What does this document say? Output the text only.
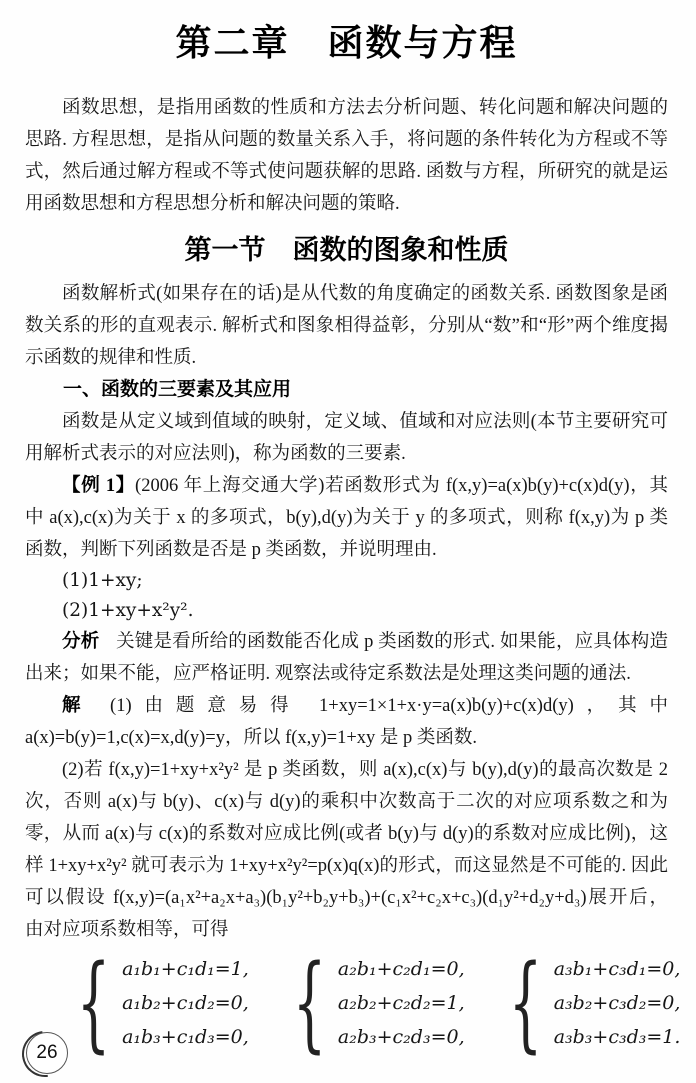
第二章　函数与方程

函数思想，是指用函数的性质和方法去分析问题、转化问题和解决问题的思路. 方程思想，是指从问题的数量关系入手，将问题的条件转化为方程或不等式，然后通过解方程或不等式使问题获解的思路. 函数与方程，所研究的就是运用函数思想和方程思想分析和解决问题的策略.

第一节　函数的图象和性质

函数解析式(如果存在的话)是从代数的角度确定的函数关系. 函数图象是函数关系的形的直观表示. 解析式和图象相得益彰，分别从“数”和“形”两个维度揭示函数的规律和性质.

一、函数的三要素及其应用

函数是从定义域到值域的映射，定义域、值域和对应法则(本节主要研究可用解析式表示的对应法则)，称为函数的三要素.

【例 1】(2006 年上海交通大学)若函数形式为 f(x,y)=a(x)b(y)+c(x)d(y)，其中 a(x),c(x)为关于 x 的多项式，b(y),d(y)为关于 y 的多项式，则称 f(x,y)为 p 类函数，判断下列函数是否是 p 类函数，并说明理由.

(1)1+xy;

(2)1+xy+x²y².

分析 关键是看所给的函数能否化成 p 类函数的形式. 如果能，应具体构造出来；如果不能，应严格证明. 观察法或待定系数法是处理这类问题的通法.

解 (1)由题意易得 1+xy=1×1+x·y=a(x)b(y)+c(x)d(y)，其中 a(x)=b(y)=1,c(x)=x,d(y)=y，所以 f(x,y)=1+xy 是 p 类函数.

(2)若 f(x,y)=1+xy+x²y² 是 p 类函数，则 a(x),c(x)与 b(y),d(y)的最高次数是 2 次，否则 a(x)与 b(y)、c(x)与 d(y)的乘积中次数高于二次的对应项系数之和为零，从而 a(x)与 c(x)的系数对应成比例(或者 b(y)与 d(y)的系数对应成比例)，这样 1+xy+x²y² 就可表示为 1+xy+x²y²=p(x)q(x)的形式，而这显然是不可能的. 因此可以假设 f(x,y)=(a₁x²+a₂x+a₃)(b₁y²+b₂y+b₃)+(c₁x²+c₂x+c₃)(d₁y²+d₂y+d₃)展开后，由对应项系数相等，可得

{ a₁b₁+c₁d₁=1,
a₁b₂+c₁d₂=0,
a₁b₃+c₁d₃=0, { a₂b₁+c₂d₁=0,
a₂b₂+c₂d₂=1,
a₂b₃+c₂d₃=0, { a₃b₁+c₃d₁=0,
a₃b₂+c₃d₂=0,
a₃b₃+c₃d₃=1.
26
